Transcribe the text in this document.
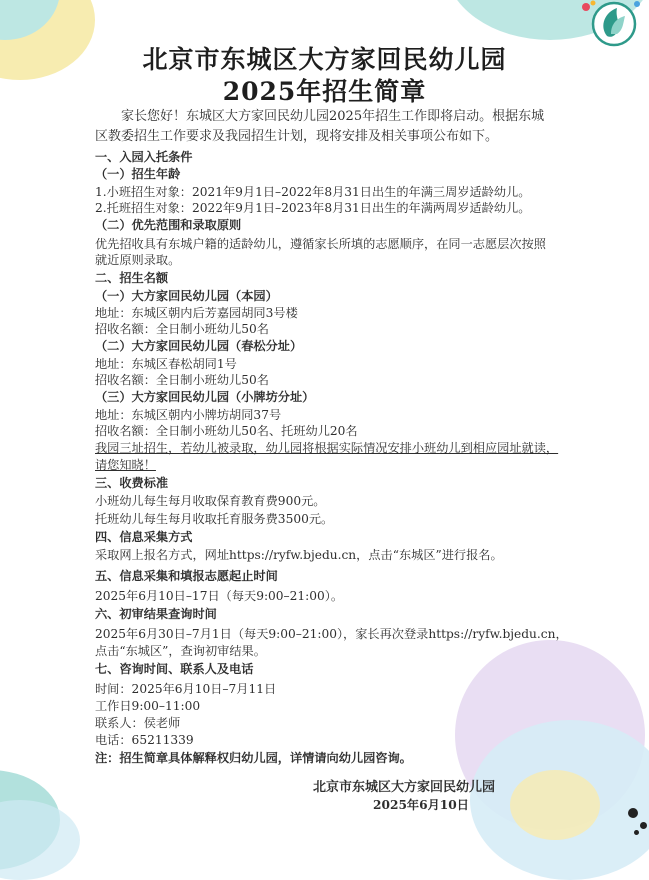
北京市东城区大方家回民幼儿园
2025年招生简章
家长您好！东城区大方家回民幼儿园2025年招生工作即将启动。根据东城
区教委招生工作要求及我园招生计划，现将安排及相关事项公布如下。
一、入园入托条件
（一）招生年龄
1.小班招生对象：2021年9月1日–2022年8月31日出生的年满三周岁适龄幼儿。
2.托班招生对象：2022年9月1日–2023年8月31日出生的年满两周岁适龄幼儿。
（二）优先范围和录取原则
优先招收具有东城户籍的适龄幼儿，遵循家长所填的志愿顺序，在同一志愿层次按照
就近原则录取。
二、招生名额
（一）大方家回民幼儿园（本园）
地址：东城区朝内后芳嘉园胡同3号楼
招收名额：全日制小班幼儿50名
（二）大方家回民幼儿园（春松分址）
地址：东城区春松胡同1号
招收名额：全日制小班幼儿50名
（三）大方家回民幼儿园（小牌坊分址）
地址：东城区朝内小牌坊胡同37号
招收名额：全日制小班幼儿50名、托班幼儿20名
我园三址招生，若幼儿被录取，幼儿园将根据实际情况安排小班幼儿到相应园址就读，
请您知晓！
三、收费标准
小班幼儿每生每月收取保育教育费900元。
托班幼儿每生每月收取托育服务费3500元。
四、信息采集方式
采取网上报名方式，网址https://ryfw.bjedu.cn，点击“东城区”进行报名。
五、信息采集和填报志愿起止时间
2025年6月10日–17日（每天9:00–21:00）。
六、初审结果查询时间
2025年6月30日–7月1日（每天9:00–21:00），家长再次登录https://ryfw.bjedu.cn，
点击“东城区”，查询初审结果。
七、咨询时间、联系人及电话
时间：2025年6月10日–7月11日
工作日9:00–11:00
联系人：侯老师
电话：65211339
注：招生简章具体解释权归幼儿园，详情请向幼儿园咨询。
北京市东城区大方家回民幼儿园
2025年6月10日
